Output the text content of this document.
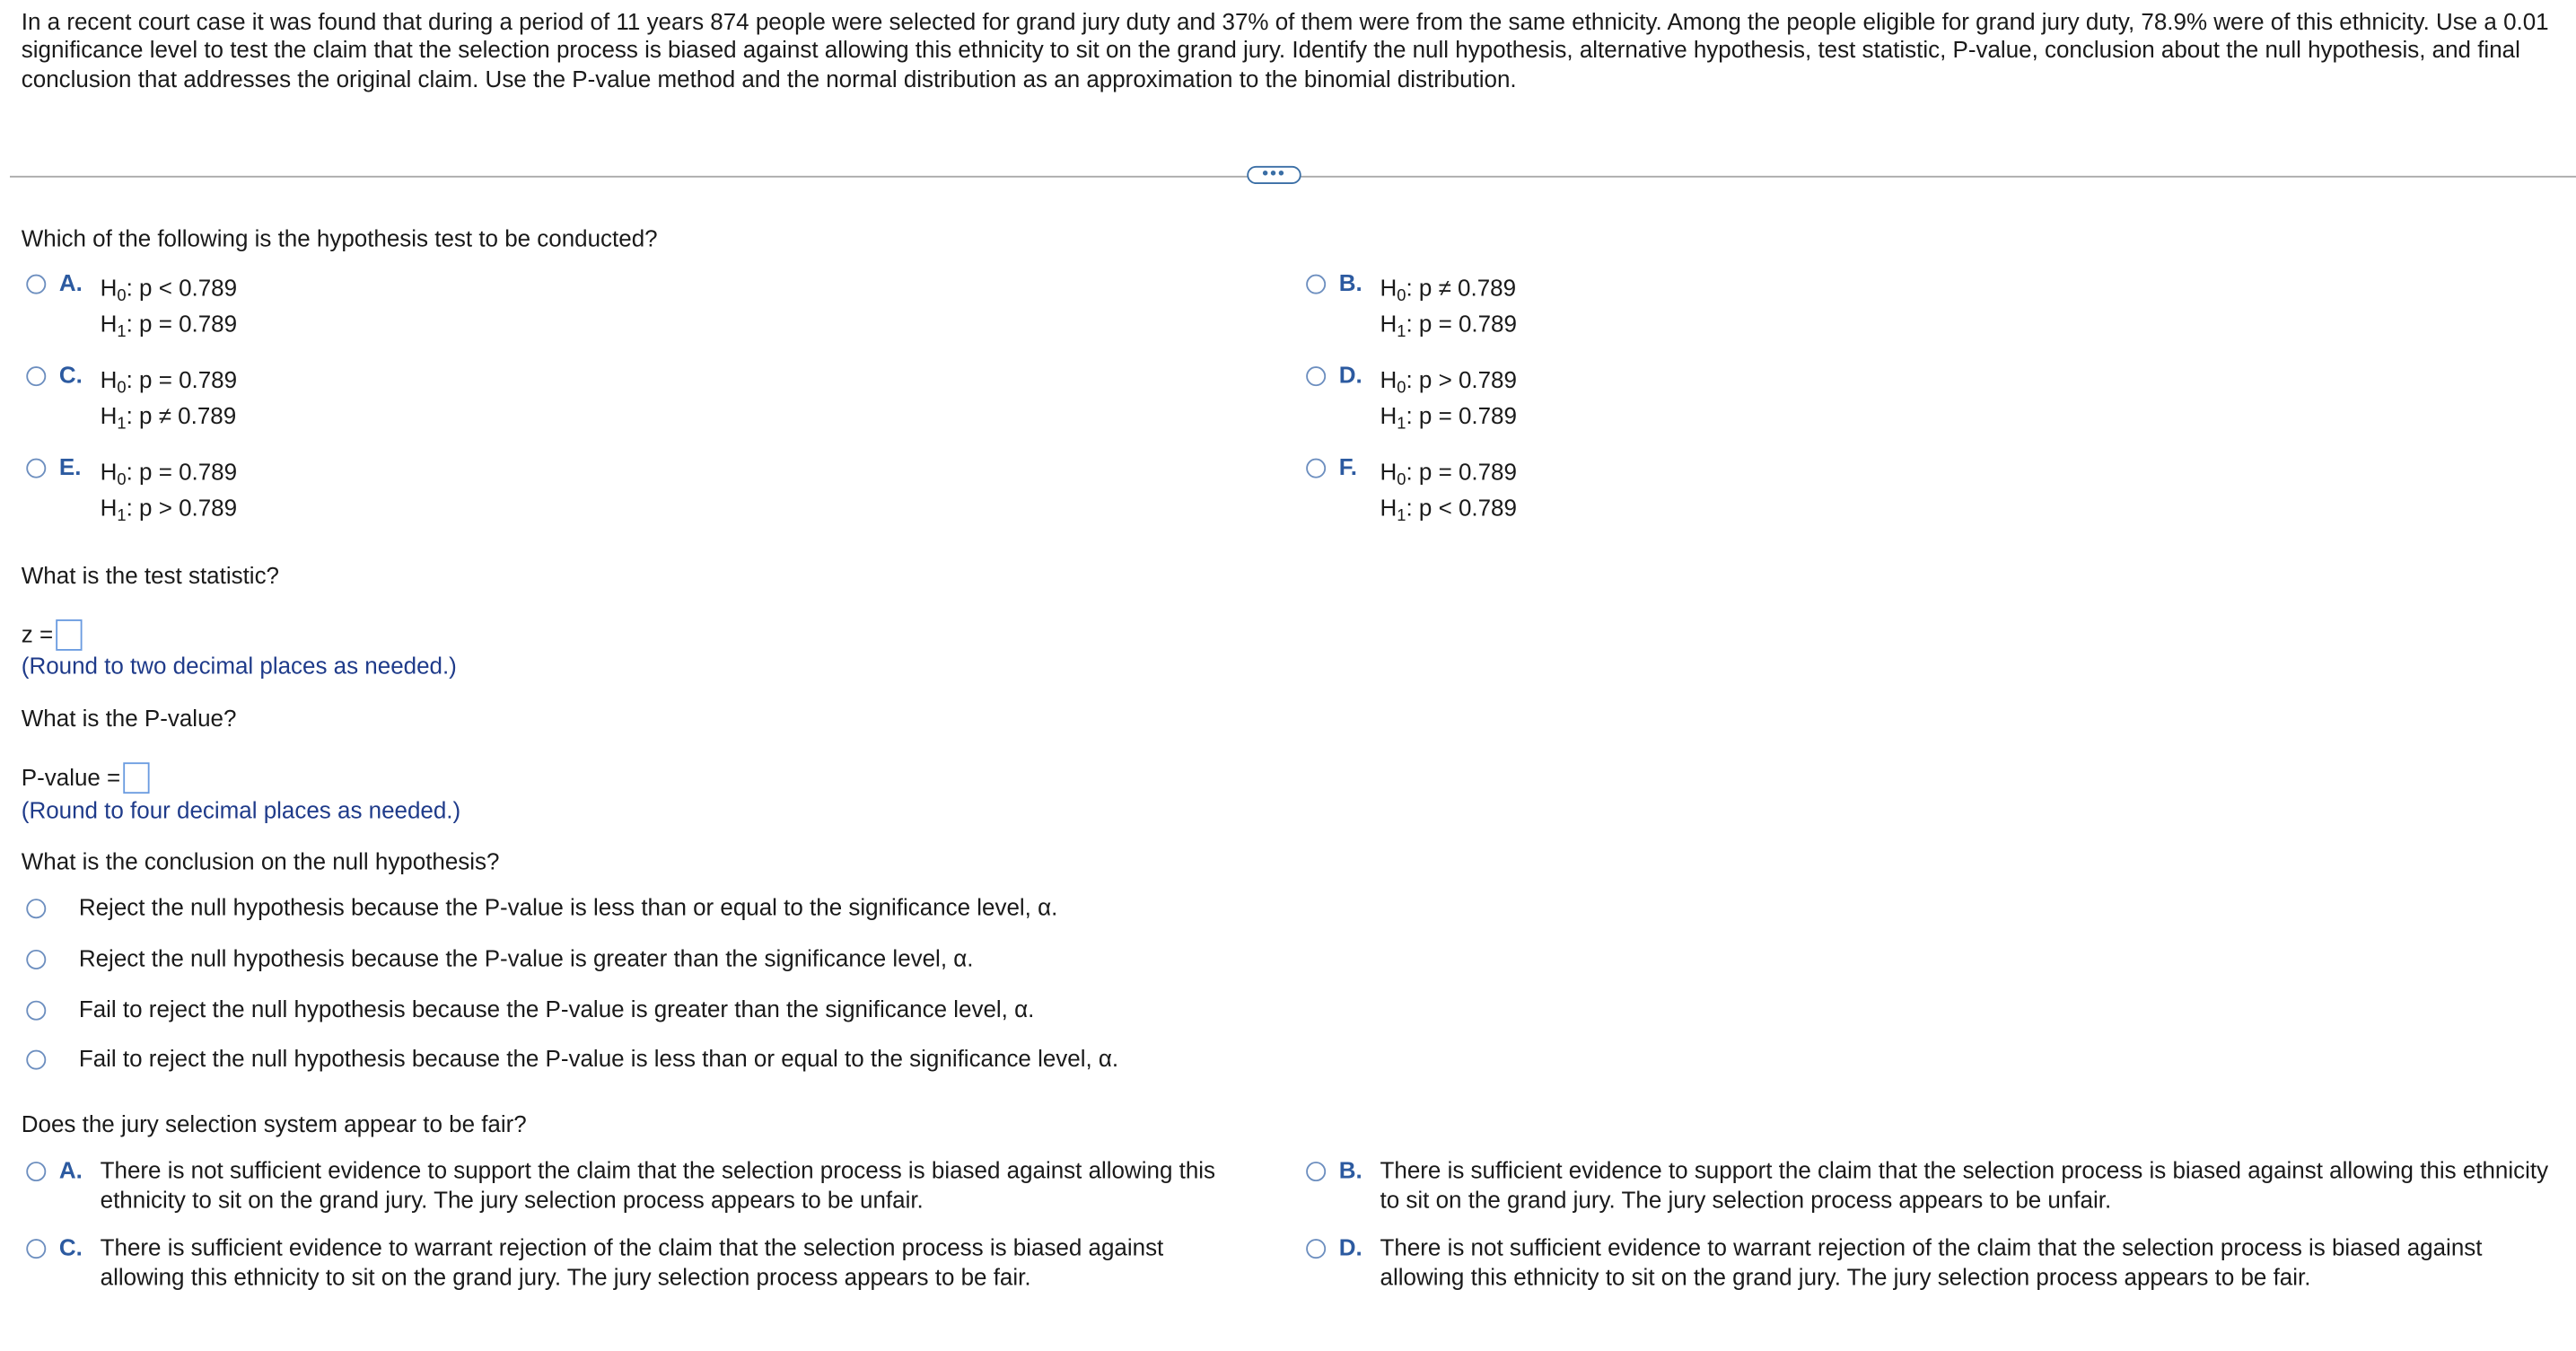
In a recent court case it was found that during a period of 11 years 874 people were selected for grand jury duty and 37% of them were from the same ethnicity. Among the people eligible for grand jury duty, 78.9% were of this ethnicity. Use a 0.01 significance level to test the claim that the selection process is biased against allowing this ethnicity to sit on the grand jury. Identify the null hypothesis, alternative hypothesis, test statistic, P-value, conclusion about the null hypothesis, and final conclusion that addresses the original claim. Use the P-value method and the normal distribution as an approximation to the binomial distribution.
•••
Which of the following is the hypothesis test to be conducted?
A. $H_0$: p < 0.789
$H_1$: p = 0.789
B. $H_0$: p ≠ 0.789
$H_1$: p = 0.789
C. $H_0$: p = 0.789
$H_1$: p ≠ 0.789
D. $H_0$: p > 0.789
$H_1$: p = 0.789
E.	$H_0$: p = 0.789
$H_1$: p > 0.789
F.	$H_0$: p = 0.789
$H_1$: p < 0.789
What is the test statistic?
z =
(Round to two decimal places as needed.)
What is the P-value?
P-value =
(Round to four decimal places as needed.)
What is the conclusion on the null hypothesis?
Reject the null hypothesis because the P-value is less than or equal to the significance level, α.
Reject the null hypothesis because the P-value is greater than the significance level, α.
Fail to reject the null hypothesis because the P-value is greater than the significance level, α.
Fail to reject the null hypothesis because the P-value is less than or equal to the significance level, α.
Does the jury selection system appear to be fair?
A. There is not sufficient evidence to support the claim that the selection process is biased against allowing this ethnicity to sit on the grand jury. The jury selection process appears to be unfair.
B. There is sufficient evidence to support the claim that the selection process is biased against allowing this ethnicity to sit on the grand jury. The jury selection process appears to be unfair.
C. There is sufficient evidence to warrant rejection of the claim that the selection process is biased against allowing this ethnicity to sit on the grand jury. The jury selection process appears to be fair.
D. There is not sufficient evidence to warrant rejection of the claim that the selection process is biased against allowing this ethnicity to sit on the grand jury. The jury selection process appears to be fair.
